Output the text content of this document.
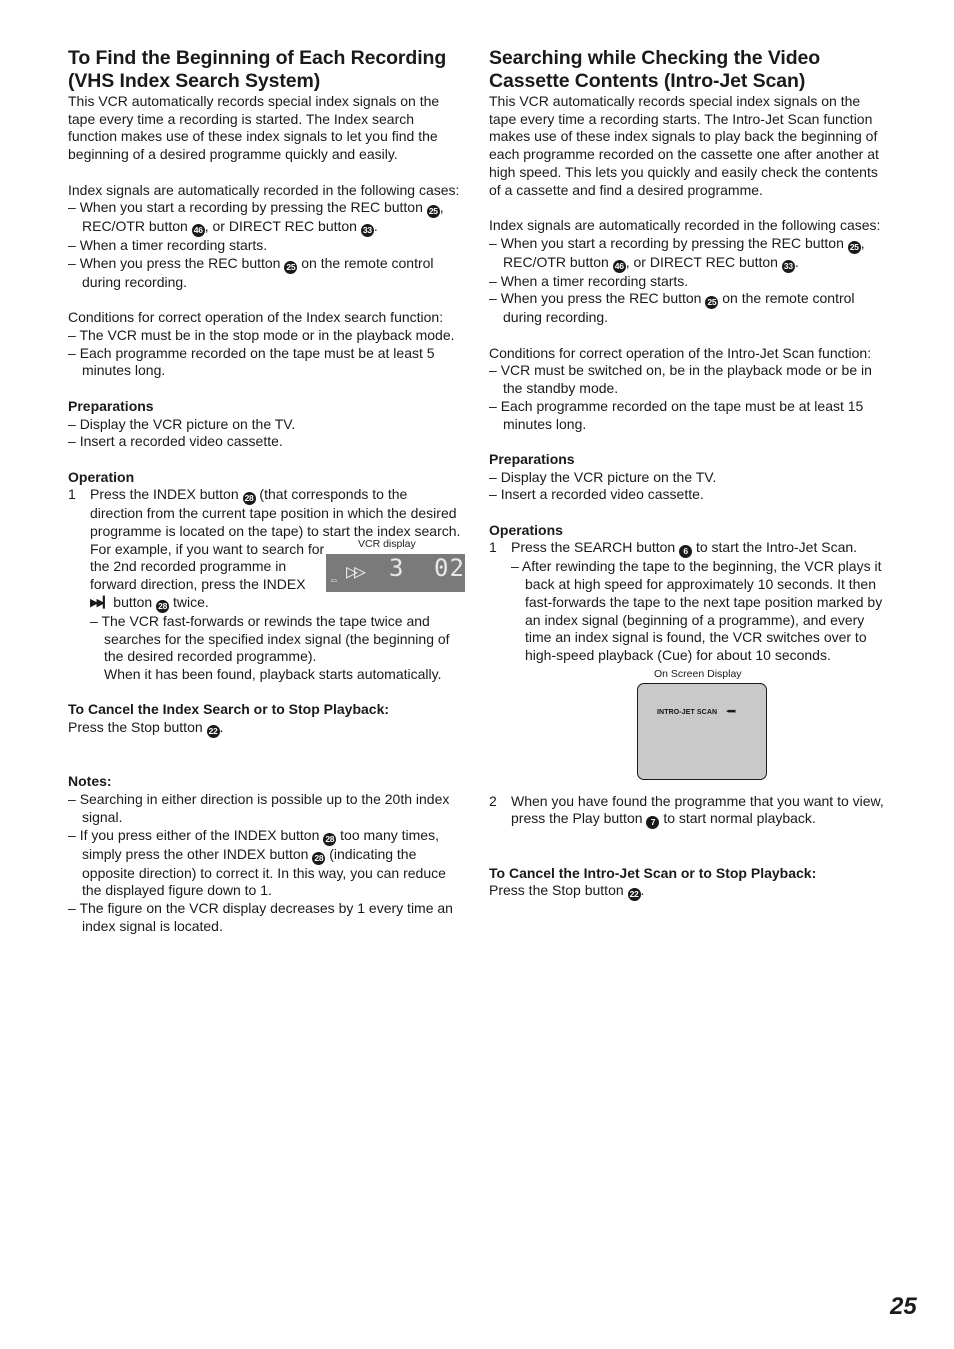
To Find the Beginning of Each Recording (VHS Index Search System)
This VCR automatically records special index signals on the tape every time a recording is started. The Index search function makes use of these index signals to let you find the beginning of a desired programme quickly and easily.
Index signals are automatically recorded in the following cases:
– When you start a recording by pressing the REC button 25 , REC/OTR button 46 , or DIRECT REC button 33 .
– When a timer recording starts.
– When you press the REC button 25 on the remote control during recording.
Conditions for correct operation of the Index search function:
– The VCR must be in the stop mode or in the playback mode.
– Each programme recorded on the tape must be at least 5 minutes long.
Preparations
– Display the VCR picture on the TV.
– Insert a recorded video cassette.
Operation
1 Press the INDEX button 28 (that corresponds to the direction from the current tape position in which the desired programme is located on the tape) to start the index search.
VCR display
▭ ▷▷ 3 02
For example, if you want to search for the 2nd recorded programme in forward direction, press the INDEX ▶▶▎ button 28 twice.
– The VCR fast-forwards or rewinds the tape twice and searches for the specified index signal (the beginning of the desired recorded programme).
When it has been found, playback starts automatically.
To Cancel the Index Search or to Stop Playback:
Press the Stop button 22 .
Notes:
– Searching in either direction is possible up to the 20th index signal.
– If you press either of the INDEX button 28 too many times, simply press the other INDEX button 28 (indicating the opposite direction) to correct it. In this way, you can reduce the displayed figure down to 1.
– The figure on the VCR display decreases by 1 every time an index signal is located.
Searching while Checking the Video Cassette Contents (Intro-Jet Scan)
This VCR automatically records special index signals on the tape every time a recording starts. The Intro-Jet Scan function makes use of these index signals to play back the beginning of each programme recorded on the cassette one after another at high speed. This lets you quickly and easily check the contents of a cassette and find a desired programme.
Index signals are automatically recorded in the following cases:
– When you start a recording by pressing the REC button 25 , REC/OTR button 46 , or DIRECT REC button 33 .
– When a timer recording starts.
– When you press the REC button 25 on the remote control during recording.
Conditions for correct operation of the Intro-Jet Scan function:
– VCR must be switched on, be in the playback mode or be in the standby mode.
– Each programme recorded on the tape must be at least 15 minutes long.
Preparations
– Display the VCR picture on the TV.
– Insert a recorded video cassette.
Operations
1 Press the SEARCH button 6 to start the Intro-Jet Scan.
– After rewinding the tape to the beginning, the VCR plays it back at high speed for approximately 10 seconds. It then fast-forwards the tape to the next tape position marked by an index signal (beginning of a programme), and every time an index signal is found, the VCR switches over to high-speed playback (Cue) for about 10 seconds.
On Screen Display
INTRO-JET SCAN ◂◂◂◂
2 When you have found the programme that you want to view, press the Play button 7 to start normal playback.
To Cancel the Intro-Jet Scan or to Stop Playback:
Press the Stop button 22 .
25
